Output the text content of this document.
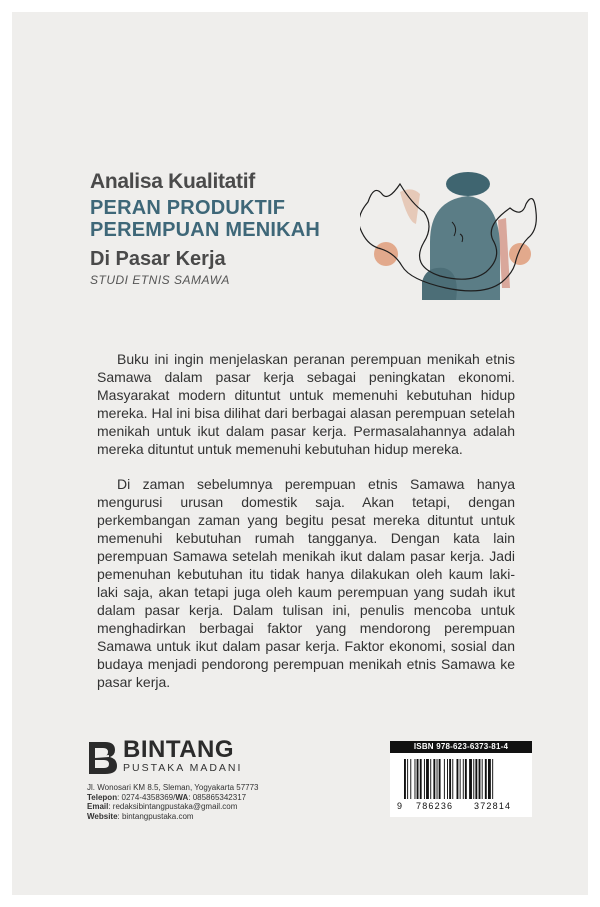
Analisa Kualitatif
PERAN PRODUKTIF
PEREMPUAN MENIKAH
Di Pasar Kerja
STUDI ETNIS SAMAWA

Buku ini ingin menjelaskan peranan perempuan menikah etnis Samawa dalam pasar kerja sebagai peningkatan ekonomi. Masyarakat modern dituntut untuk memenuhi kebutuhan hidup mereka. Hal ini bisa dilihat dari berbagai alasan perempuan setelah menikah untuk ikut dalam pasar kerja. Permasalahannya adalah mereka dituntut untuk memenuhi kebutuhan hidup mereka.

Di zaman sebelumnya perempuan etnis Samawa hanya mengurusi urusan domestik saja. Akan tetapi, dengan perkembangan zaman yang begitu pesat mereka dituntut untuk memenuhi kebutuhan rumah tangganya. Dengan kata lain perempuan Samawa setelah menikah ikut dalam pasar kerja. Jadi pemenuhan kebutuhan itu tidak hanya dilakukan oleh kaum laki-laki saja, akan tetapi juga oleh kaum perempuan yang sudah ikut dalam pasar kerja. Dalam tulisan ini, penulis mencoba untuk menghadirkan berbagai faktor yang mendorong perempuan Samawa untuk ikut dalam pasar kerja. Faktor ekonomi, sosial dan budaya menjadi pendorong perempuan menikah etnis Samawa ke pasar kerja.

BINTANG
PUSTAKA MADANI
Jl. Wonosari KM 8.5, Sleman, Yogyakarta 57773
Telepon: 0274-4358369/WA: 085865342317
Email: redaksibintangpustaka@gmail.com
Website: bintangpustaka.com
ISBN 978-623-6373-81-4
9 786236 372814
